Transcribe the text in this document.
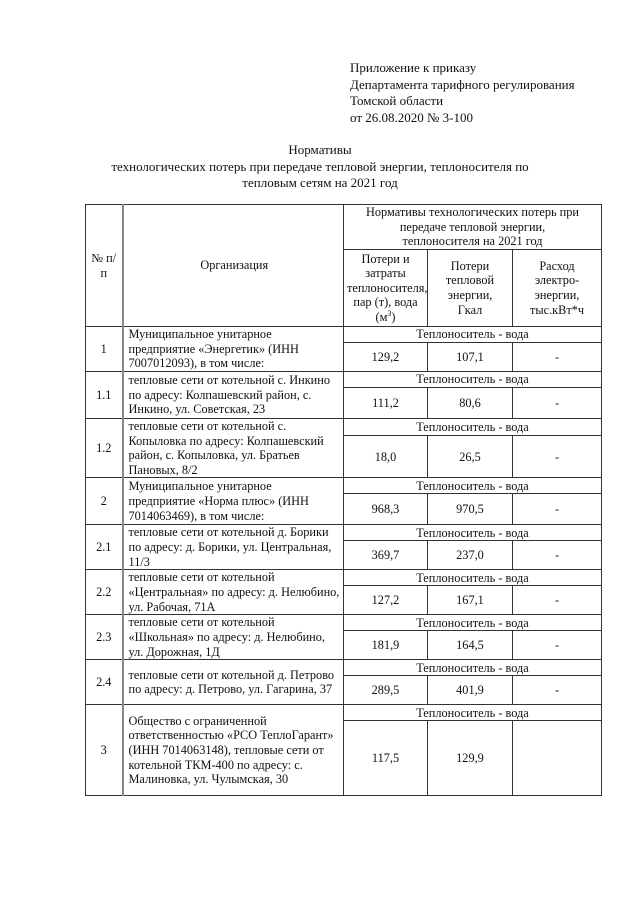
Приложение к приказу
Департамента тарифного регулирования
Томской области
от 26.08.2020 № 3-100
Нормативы
технологических потерь при передаче тепловой энергии, теплоносителя по
тепловым сетям на 2021 год
№ п/п	Организация	Нормативы технологических потерь при передаче тепловой энергии, теплоносителя на 2021 год		
		Потери и затраты теплоносителя, пар (т), вода $(м^3)$	Потери тепловой энергии, Гкал	Расход электро-энергии, тыс.кВт*ч
1	Муниципальное унитарное предприятие «Энергетик» (ИНН 7007012093), в том числе:	Теплоноситель - вода		
		129,2	107,1	-
1.1	тепловые сети от котельной с. Инкино по адресу: Колпашевский район, с. Инкино, ул. Советская, 23	Теплоноситель - вода		
		111,2	80,6	-
1.2	тепловые сети от котельной с. Копыловка по адресу: Колпашевский район, с. Копыловка, ул. Братьев Пановых, 8/2	Теплоноситель - вода		
		18,0	26,5	-
2	Муниципальное унитарное предприятие «Норма плюс» (ИНН 7014063469), в том числе:	Теплоноситель - вода		
		968,3	970,5	-
2.1	тепловые сети от котельной д. Борики по адресу: д. Борики, ул. Центральная, 11/3	Теплоноситель - вода		
		369,7	237,0	-
2.2	тепловые сети от котельной «Центральная» по адресу: д. Нелюбино, ул. Рабочая, 71А	Теплоноситель - вода		
		127,2	167,1	-
2.3	тепловые сети от котельной «Школьная» по адресу: д. Нелюбино, ул. Дорожная, 1Д	Теплоноситель - вода		
		181,9	164,5	-
2.4	тепловые сети от котельной д. Петрово по адресу: д. Петрово, ул. Гагарина, 37	Теплоноситель - вода		
		289,5	401,9	-
3	Общество с ограниченной ответственностью «РСО ТеплоГарант» (ИНН 7014063148), тепловые сети от котельной ТКМ-400 по адресу: с. Малиновка, ул. Чулымская, 30	Теплоноситель - вода		
		117,5	129,9	
